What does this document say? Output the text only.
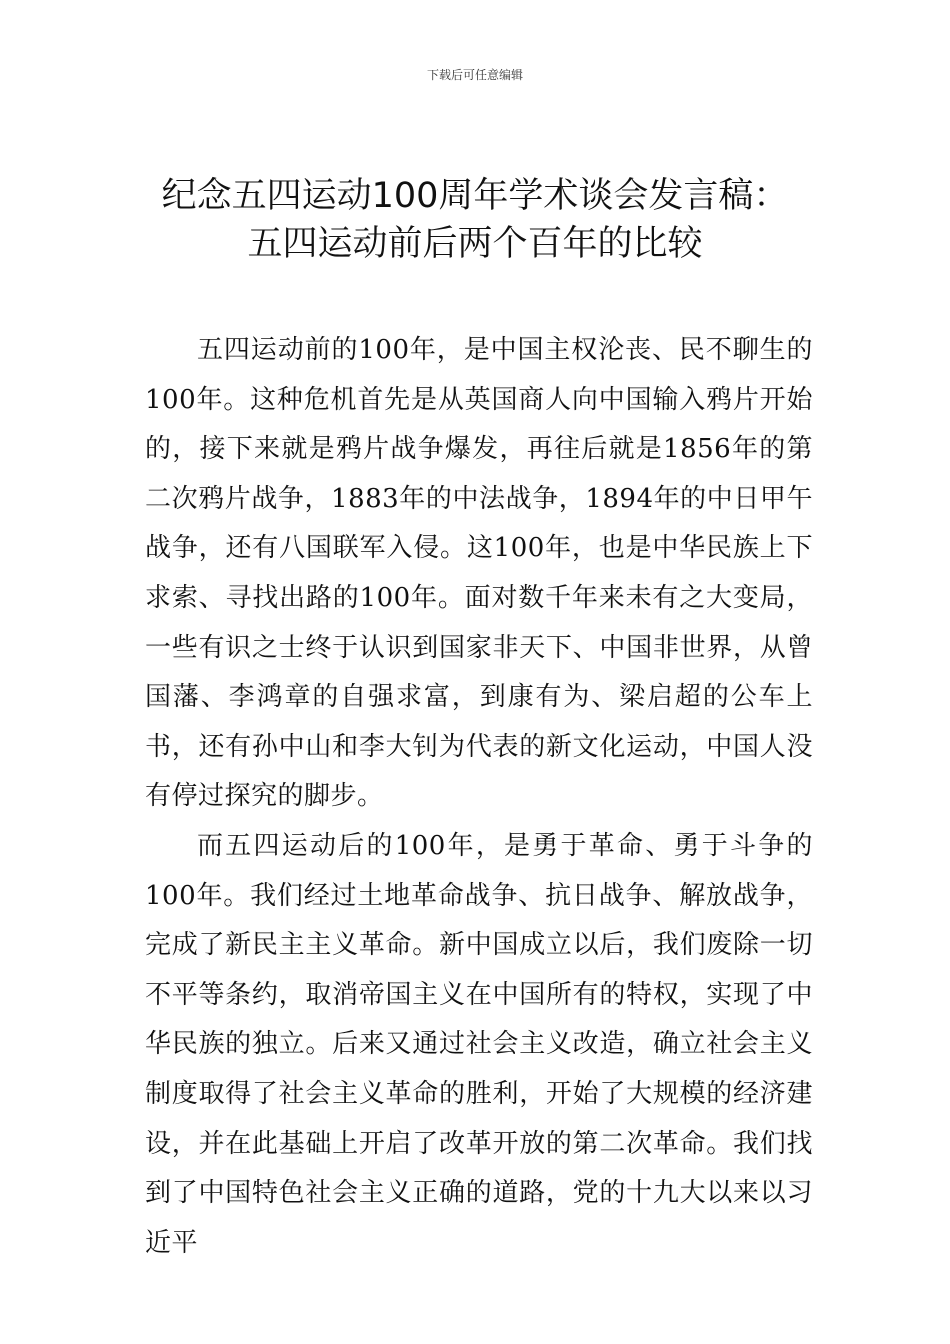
下载后可任意编辑
纪念五四运动100周年学术谈会发言稿：
五四运动前后两个百年的比较

五四运动前的100年，是中国主权沦丧、民不聊生的100年。这种危机首先是从英国商人向中国输入鸦片开始的，接下来就是鸦片战争爆发，再往后就是1856年的第二次鸦片战争，1883年的中法战争，1894年的中日甲午战争，还有八国联军入侵。这100年，也是中华民族上下求索、寻找出路的100年。面对数千年来未有之大变局，一些有识之士终于认识到国家非天下、中国非世界，从曾国藩、李鸿章的自强求富，到康有为、梁启超的公车上书，还有孙中山和李大钊为代表的新文化运动，中国人没有停过探究的脚步。

而五四运动后的100年，是勇于革命、勇于斗争的100年。我们经过土地革命战争、抗日战争、解放战争，完成了新民主主义革命。新中国成立以后，我们废除一切不平等条约，取消帝国主义在中国所有的特权，实现了中华民族的独立。后来又通过社会主义改造，确立社会主义制度取得了社会主义革命的胜利，开始了大规模的经济建设，并在此基础上开启了改革开放的第二次革命。我们找到了中国特色社会主义正确的道路，党的十九大以来以习近平
